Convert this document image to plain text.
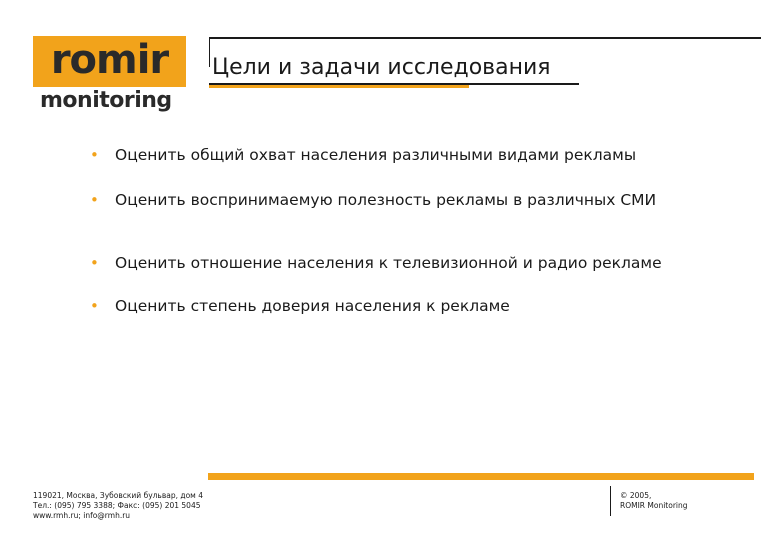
romir
monitoring
Цели и задачи исследования
• Оценить общий охват населения различными видами рекламы
• Оценить воспринимаемую полезность рекламы в различных СМИ
• Оценить отношение населения к телевизионной и радио рекламе
• Оценить степень доверия населения к рекламе
119021, Москва, Зубовский бульвар, дом 4
Тел.: (095) 795 3388; Факс: (095) 201 5045
www.rmh.ru; info@rmh.ru
© 2005,
ROMIR Monitoring
